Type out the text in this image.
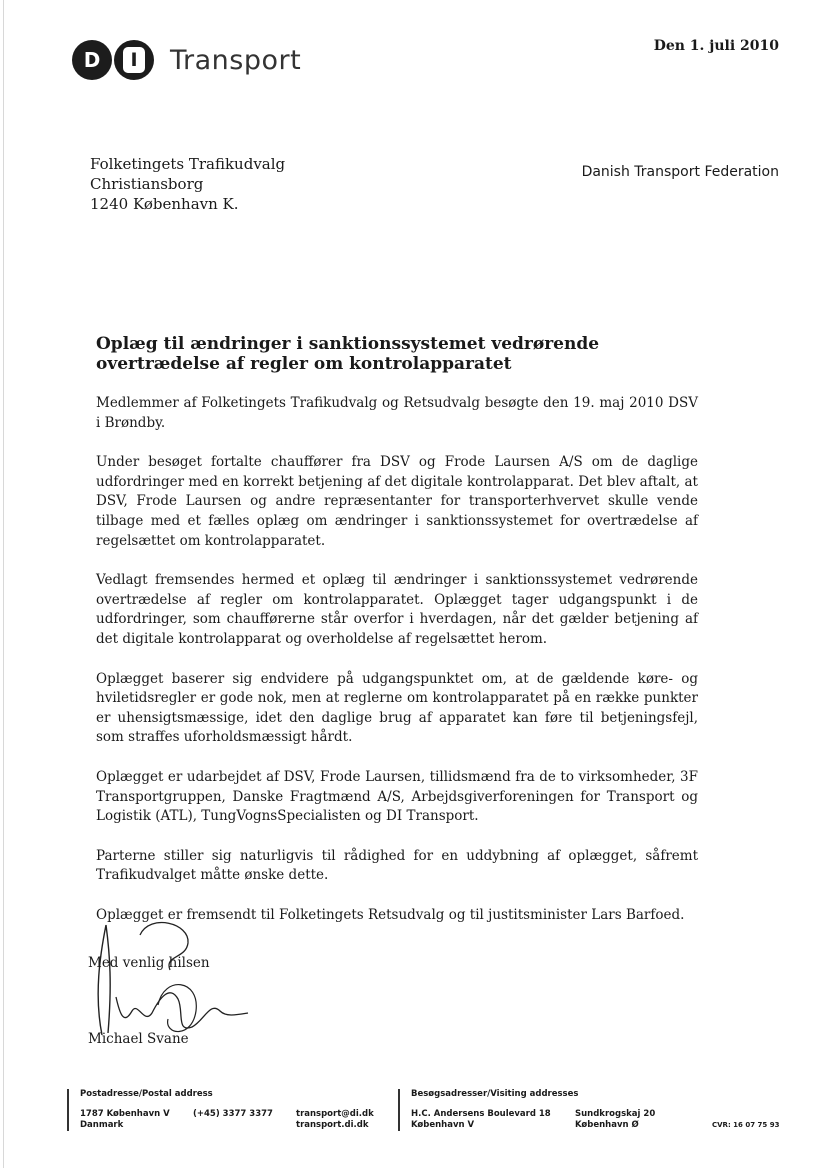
D	I Transport	Den 1. juli 2010
Folketingets Trafikudvalg
Christiansborg
1240 København K.
Danish Transport Federation
Oplæg til ændringer i sanktionssystemet vedrørende overtrædelse af regler om kontrolapparatet

Medlemmer af Folketingets Trafikudvalg og Retsudvalg besøgte den 19. maj 2010 DSV i Brøndby.

Under besøget fortalte chauffører fra DSV og Frode Laursen A/S om de daglige udfordringer med en korrekt betjening af det digitale kontrolapparat. Det blev aftalt, at DSV, Frode Laursen og andre repræsentanter for transporterhvervet skulle vende tilbage med et fælles oplæg om ændringer i sanktionssystemet for overtrædelse af regelsættet om kontrolapparatet.

Vedlagt fremsendes hermed et oplæg til ændringer i sanktionssystemet vedrørende overtrædelse af regler om kontrolapparatet. Oplægget tager udgangspunkt i de udfordringer, som chaufførerne står overfor i hverdagen, når det gælder betjening af det digitale kontrolapparat og overholdelse af regelsættet herom.

Oplægget baserer sig endvidere på udgangspunktet om, at de gældende køre- og hviletidsregler er gode nok, men at reglerne om kontrolapparatet på en række punkter er uhensigtsmæssige, idet den daglige brug af apparatet kan føre til betjeningsfejl, som straffes uforholdsmæssigt hårdt.

Oplægget er udarbejdet af DSV, Frode Laursen, tillidsmænd fra de to virksomheder, 3F Transportgruppen, Danske Fragtmænd A/S, Arbejdsgiverforeningen for Transport og Logistik (ATL), TungVognsSpecialisten og DI Transport.

Parterne stiller sig naturligvis til rådighed for en uddybning af oplægget, såfremt Trafikudvalget måtte ønske dette.

Oplægget er fremsendt til Folketingets Retsudvalg og til justitsminister Lars Barfoed.

Med venlig hilsen
Michael Svane
Postadresse/Postal address
1787 København V
Danmark
(+45) 3377 3377	transport@di.dk
transport.di.dk
Besøgsadresser/Visiting addresses
H.C. Andersens Boulevard 18
København V
Sundkrogskaj 20
København Ø	CVR: 16 07 75 93
